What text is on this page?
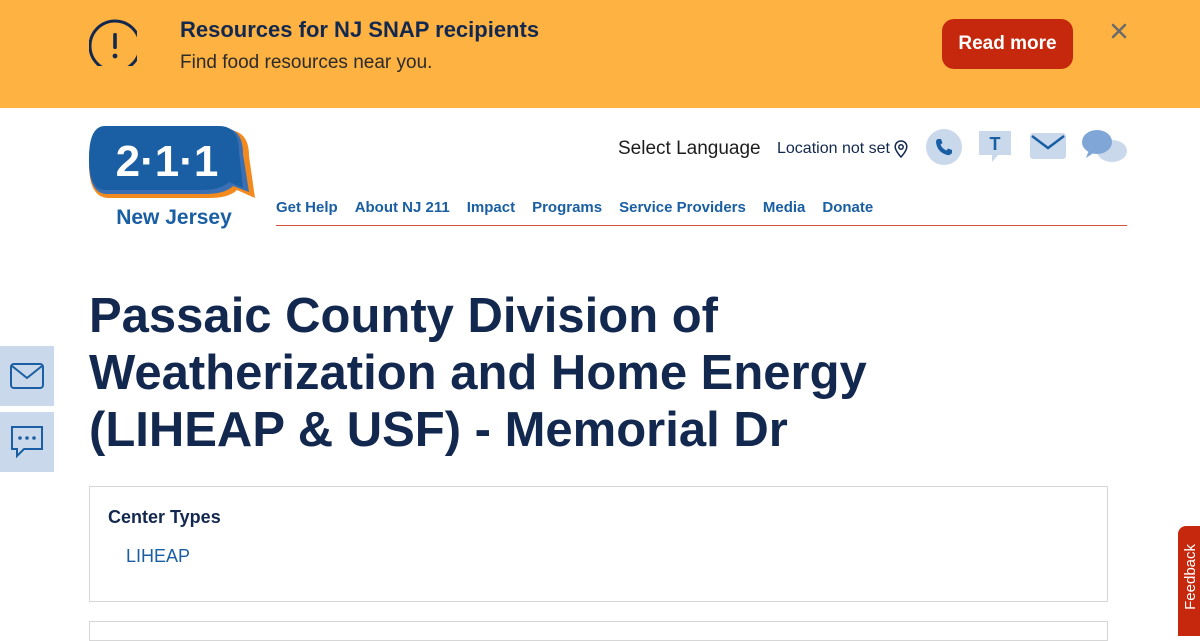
Resources for NJ SNAP recipients
Find food resources near you.
Read more
2·1·1
New Jersey
Select Language Location not set	T
Get Help About NJ 211 Impact Programs Service Providers Media Donate
Passaic County Division of Weatherization and Home Energy (LIHEAP & USF) - Memorial Dr
Center Types
LIHEAP	Feedback
